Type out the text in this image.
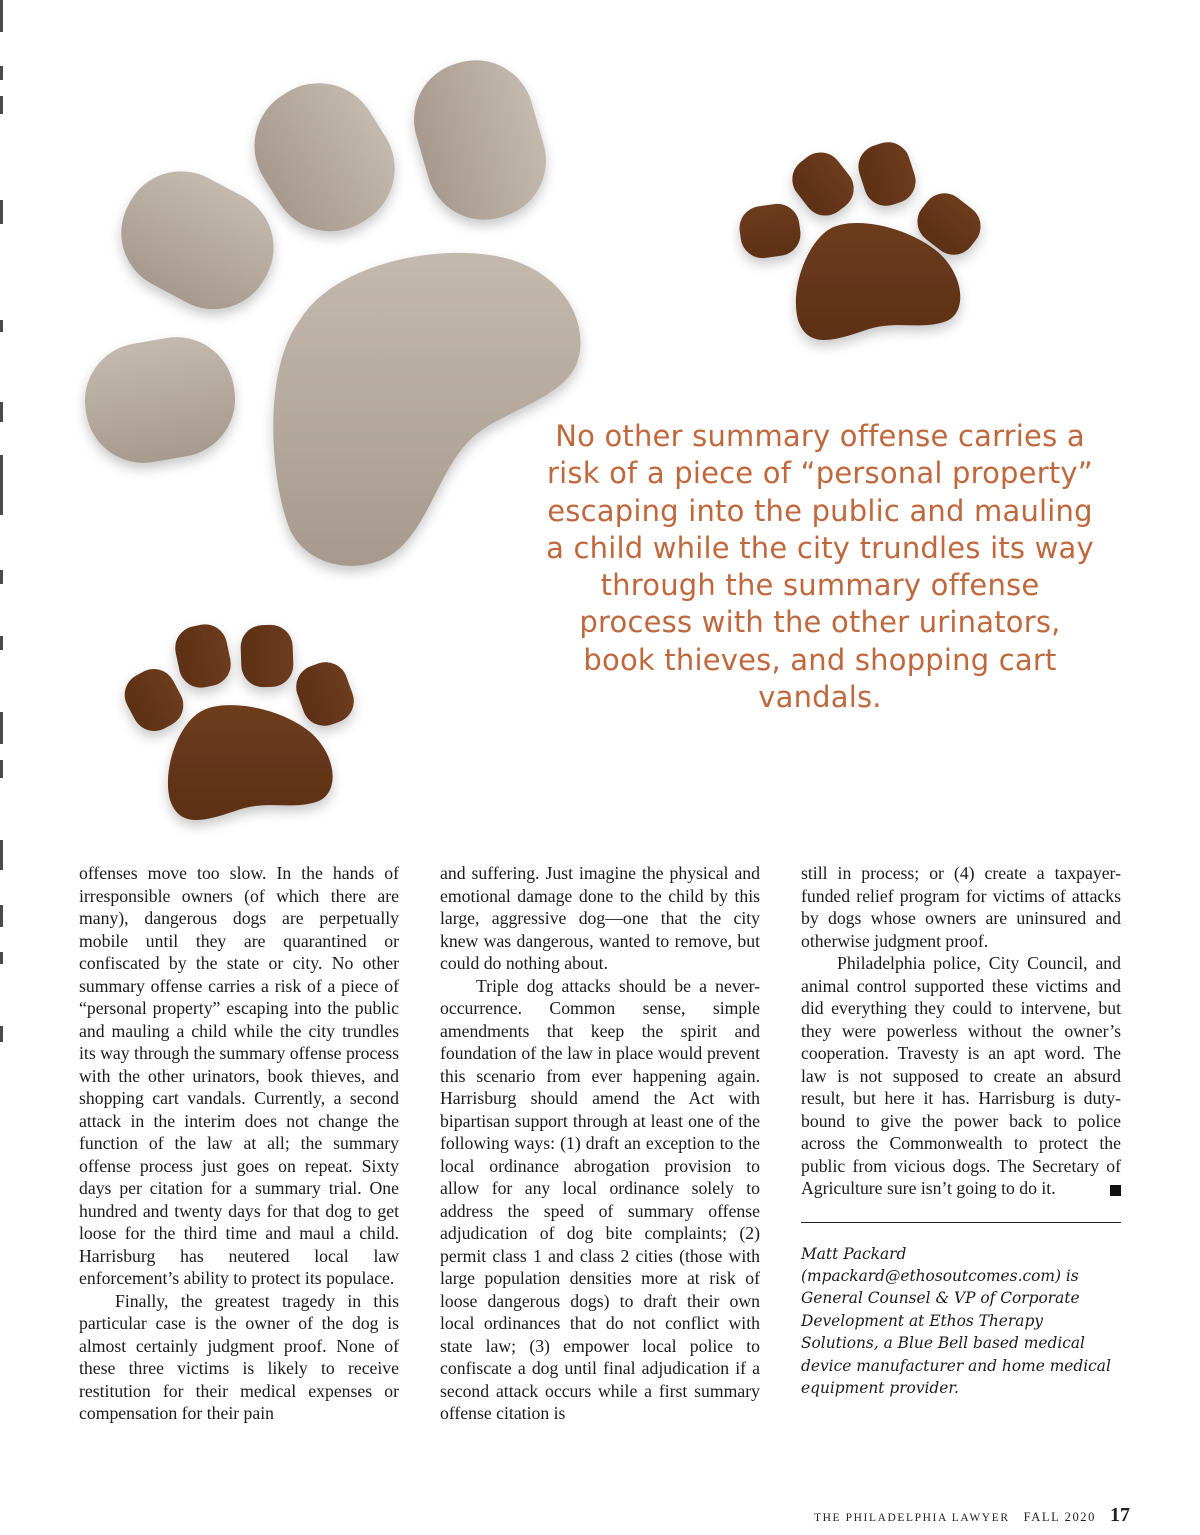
No other summary offense carries a risk of a piece of “personal property” escaping into the public and mauling a child while the city trundles its way through the summary offense process with the other urinators, book thieves, and shopping cart vandals.

offenses move too slow. In the hands of irresponsible owners (of which there are many), dangerous dogs are perpetually mobile until they are quarantined or confiscated by the state or city. No other summary offense carries a risk of a piece of “personal property” escaping into the public and mauling a child while the city trundles its way through the summary offense process with the other urinators, book thieves, and shopping cart vandals. Currently, a second attack in the interim does not change the function of the law at all; the summary offense process just goes on repeat. Sixty days per citation for a summary trial. One hundred and twenty days for that dog to get loose for the third time and maul a child. Harrisburg has neutered local law enforcement’s ability to protect its populace.

Finally, the greatest tragedy in this particular case is the owner of the dog is almost certainly judgment proof. None of these three victims is likely to receive restitution for their medical expenses or compensation for their pain

and suffering. Just imagine the physical and emotional damage done to the child by this large, aggressive dog—one that the city knew was dangerous, wanted to remove, but could do nothing about.

Triple dog attacks should be a never-occurrence. Common sense, simple amendments that keep the spirit and foundation of the law in place would prevent this scenario from ever happening again. Harrisburg should amend the Act with bipartisan support through at least one of the following ways: (1) draft an exception to the local ordinance abrogation provision to allow for any local ordinance solely to address the speed of summary offense adjudication of dog bite complaints; (2) permit class 1 and class 2 cities (those with large population densities more at risk of loose dangerous dogs) to draft their own local ordinances that do not conflict with state law; (3) empower local police to confiscate a dog until final adjudication if a second attack occurs while a first summary offense citation is

still in process; or (4) create a taxpayer-funded relief program for victims of attacks by dogs whose owners are uninsured and otherwise judgment proof.

Philadelphia police, City Council, and animal control supported these victims and did everything they could to intervene, but they were powerless without the owner’s cooperation. Travesty is an apt word. The law is not supposed to create an absurd result, but here it has. Harrisburg is duty-bound to give the power back to police across the Commonwealth to protect the public from vicious dogs. The Secretary of Agriculture sure isn’t going to do it.

Matt Packard (mpackard@ethosoutcomes.com) is General Counsel & VP of Corporate Development at Ethos Therapy Solutions, a Blue Bell based medical device manufacturer and home medical equipment provider.

THE PHILADELPHIA LAWYER FALL 2020 17
